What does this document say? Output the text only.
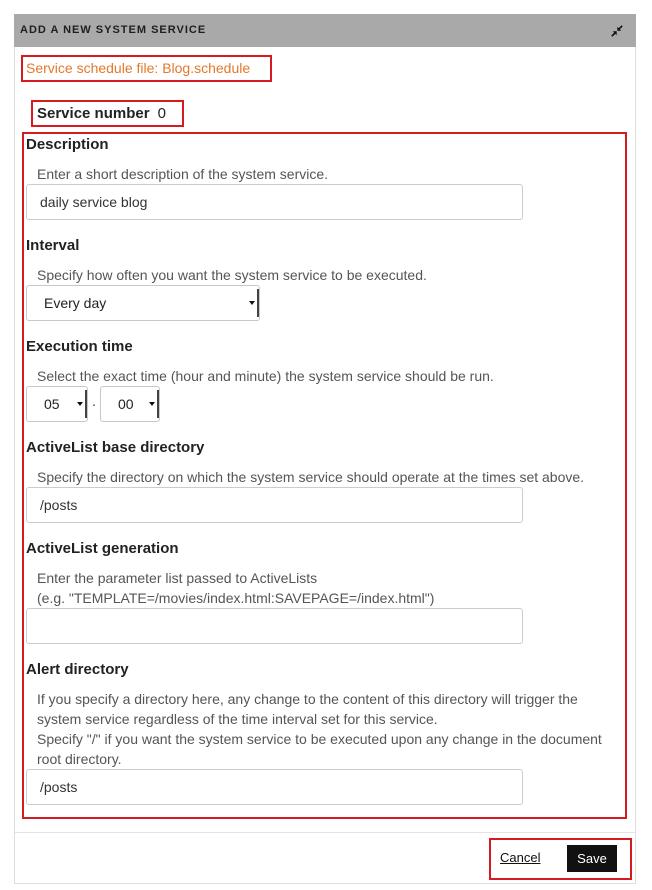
ADD A NEW SYSTEM SERVICE
Service schedule file: Blog.schedule
Service number 0
Description
Enter a short description of the system service.
daily service blog
Interval
Specify how often you want the system service to be executed.
Every day
Execution time
Select the exact time (hour and minute) the system service should be run.
05	·	00
ActiveList base directory
Specify the directory on which the system service should operate at the times set above.
/posts
ActiveList generation
Enter the parameter list passed to ActiveLists
(e.g. "TEMPLATE=/movies/index.html:SAVEPAGE=/index.html")
Alert directory
If you specify a directory here, any change to the content of this directory will trigger the
system service regardless of the time interval set for this service.
Specify "/" if you want the system service to be executed upon any change in the document
root directory.
/posts
Cancel	Save
